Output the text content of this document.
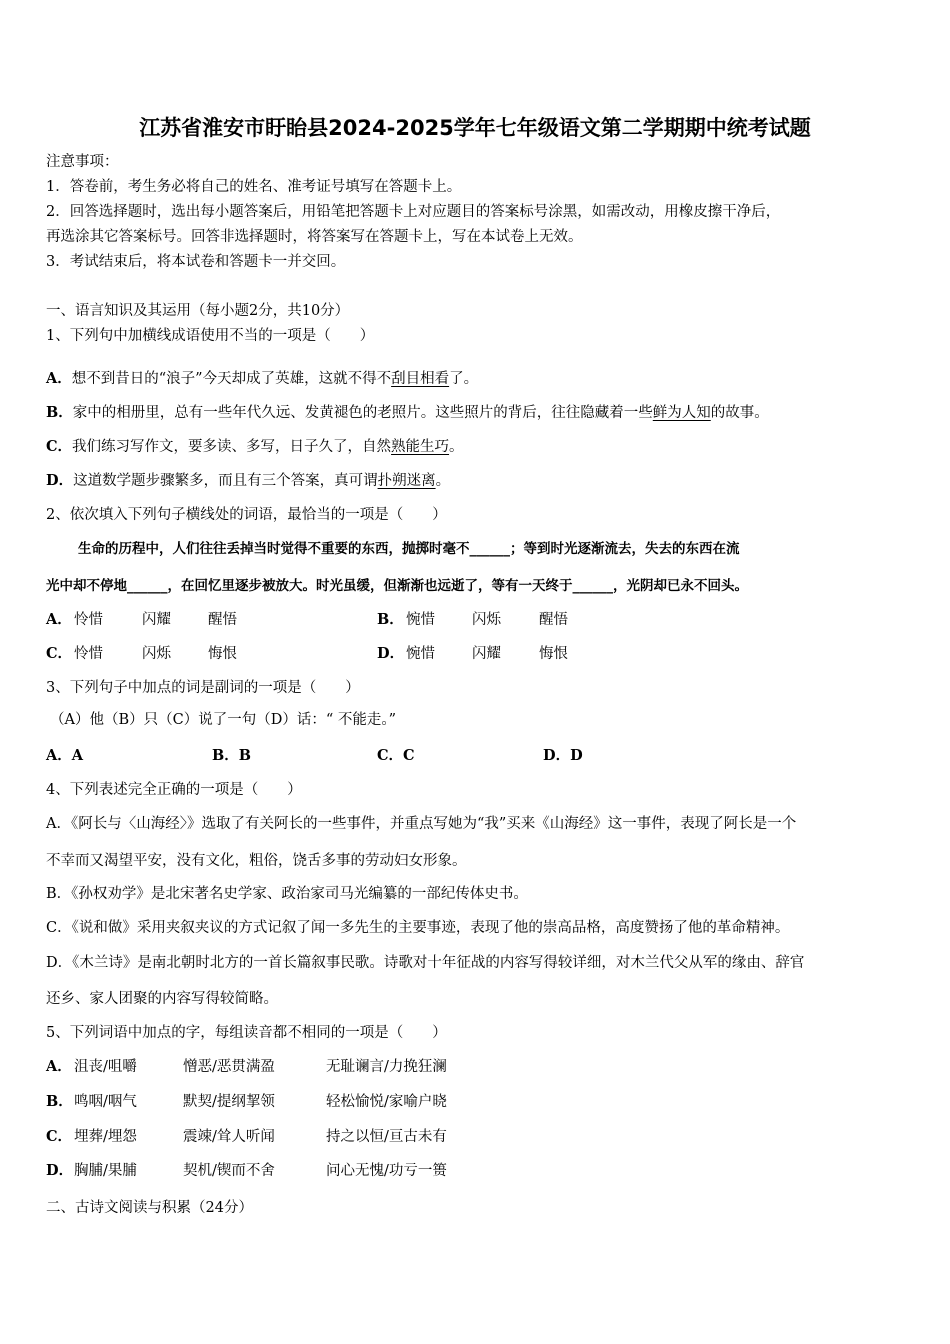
江苏省淮安市盱眙县2024-2025学年七年级语文第二学期期中统考试题
注意事项：
1．答卷前，考生务必将自己的姓名、准考证号填写在答题卡上。
2．回答选择题时，选出每小题答案后，用铅笔把答题卡上对应题目的答案标号涂黑，如需改动，用橡皮擦干净后，
再选涂其它答案标号。回答非选择题时，将答案写在答题卡上，写在本试卷上无效。
3．考试结束后，将本试卷和答题卡一并交回。
一、语言知识及其运用（每小题2分，共10分）
1、下列句中加横线成语使用不当的一项是（　　）
A．想不到昔日的“浪子”今天却成了英雄，这就不得不刮目相看了。
B．家中的相册里，总有一些年代久远、发黄褪色的老照片。这些照片的背后，往往隐藏着一些鲜为人知的故事。
C．我们练习写作文，要多读、多写，日子久了，自然熟能生巧。
D．这道数学题步骤繁多，而且有三个答案，真可谓扑朔迷离。
2、依次填入下列句子横线处的词语，最恰当的一项是（　　）
生命的历程中，人们往往丢掉当时觉得不重要的东西，抛掷时毫不______；等到时光逐渐流去，失去的东西在流
光中却不停地______，在回忆里逐步被放大。时光虽缓，但渐渐也远逝了，等有一天终于______，光阴却已永不回头。
A． 怜惜	闪耀	醒悟	B． 惋惜	闪烁	醒悟
C． 怜惜	闪烁	悔恨	D． 惋惜	闪耀	悔恨
3、下列句子中加点的词是副词的一项是（　　）
（A）他（B）只（C）说了一句（D）话：“ 不能走。”
A．A	B．B	C．C	D．D
4、下列表述完全正确的一项是（　　）
A．《阿长与〈山海经〉》选取了有关阿长的一些事件，并重点写她为“我”买来《山海经》这一事件，表现了阿长是一个
不幸而又渴望平安，没有文化，粗俗，饶舌多事的劳动妇女形象。
B．《孙权劝学》是北宋著名史学家、政治家司马光编纂的一部纪传体史书。
C．《说和做》采用夹叙夹议的方式记叙了闻一多先生的主要事迹，表现了他的崇高品格，高度赞扬了他的革命精神。
D．《木兰诗》是南北朝时北方的一首长篇叙事民歌。诗歌对十年征战的内容写得较详细，对木兰代父从军的缘由、辞官
还乡、家人团聚的内容写得较简略。
5、下列词语中加点的字，每组读音都不相同的一项是（　　）
A． 沮丧/咀嚼	憎恶/恶贯满盈	无耻谰言/力挽狂澜
B． 鸣咽/咽气	默契/提纲挈领	轻松愉悦/家喻户晓
C． 埋葬/埋怨	震竦/耸人听闻	持之以恒/亘古未有
D． 胸脯/果脯	契机/锲而不舍	问心无愧/功亏一篑
二、古诗文阅读与积累（24分）
